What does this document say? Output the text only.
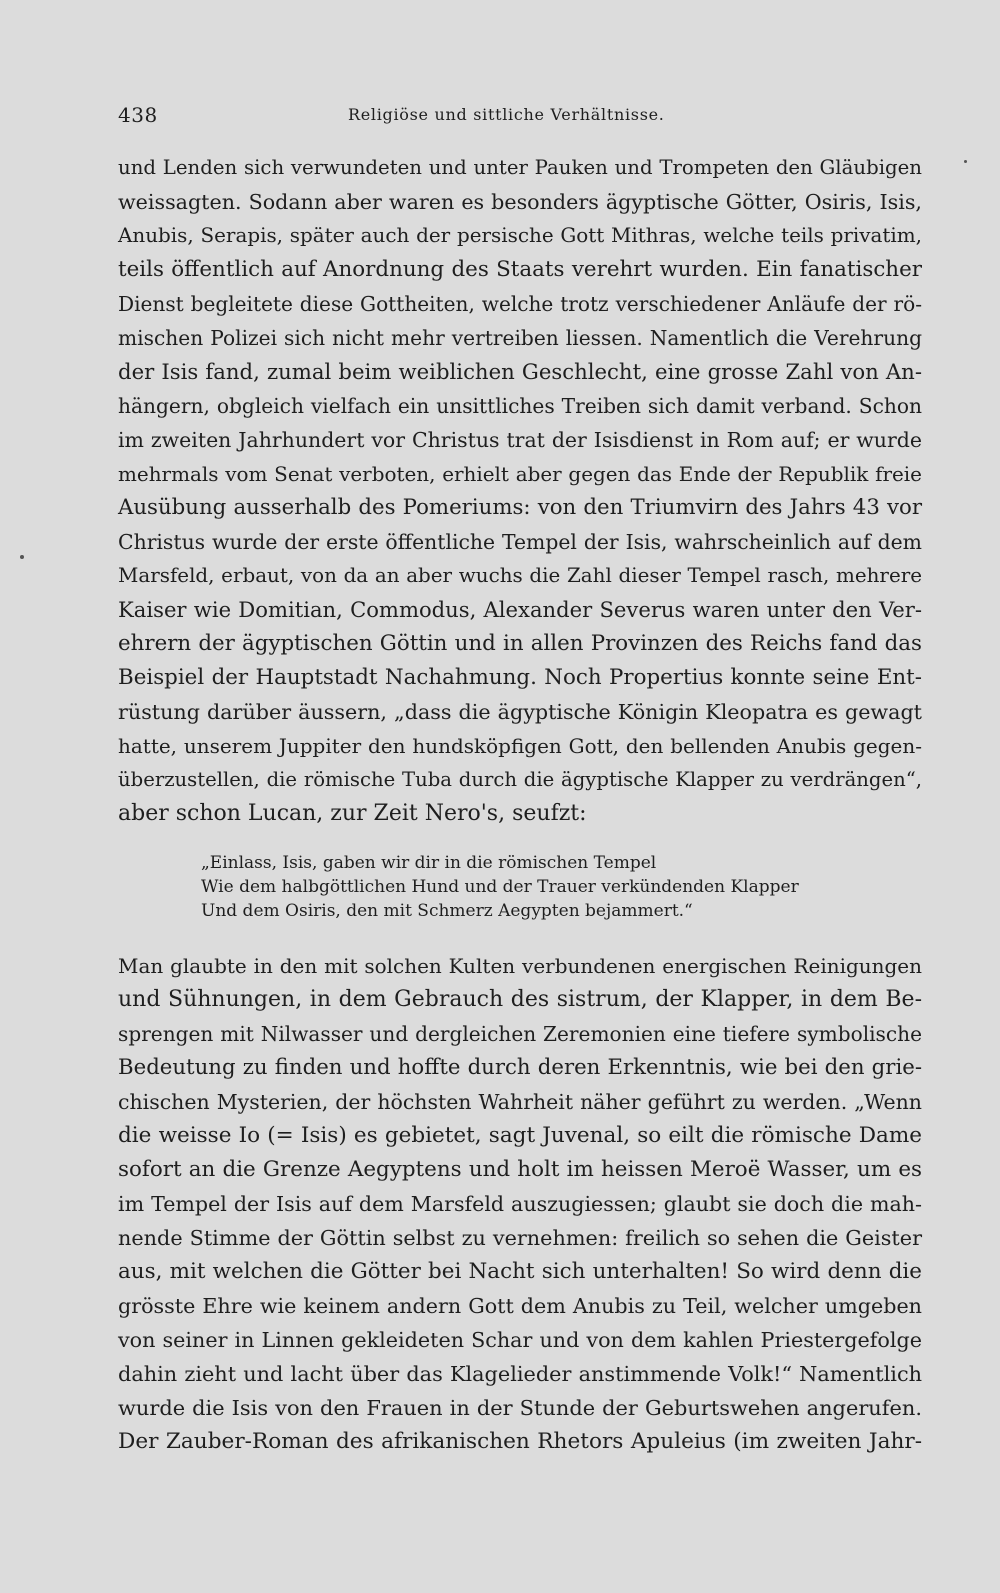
438	Religiöse und sittliche Verhältnisse.
und Lenden sich verwundeten und unter Pauken und Trompeten den Gläubigen
weissagten. Sodann aber waren es besonders ägyptische Götter, Osiris, Isis,
Anubis, Serapis, später auch der persische Gott Mithras, welche teils privatim,
teils öffentlich auf Anordnung des Staats verehrt wurden. Ein fanatischer
Dienst begleitete diese Gottheiten, welche trotz verschiedener Anläufe der rö-
mischen Polizei sich nicht mehr vertreiben liessen. Namentlich die Verehrung
der Isis fand, zumal beim weiblichen Geschlecht, eine grosse Zahl von An-
hängern, obgleich vielfach ein unsittliches Treiben sich damit verband. Schon
im zweiten Jahrhundert vor Christus trat der Isisdienst in Rom auf; er wurde
mehrmals vom Senat verboten, erhielt aber gegen das Ende der Republik freie
Ausübung ausserhalb des Pomeriums: von den Triumvirn des Jahrs 43 vor
Christus wurde der erste öffentliche Tempel der Isis, wahrscheinlich auf dem
Marsfeld, erbaut, von da an aber wuchs die Zahl dieser Tempel rasch, mehrere
Kaiser wie Domitian, Commodus, Alexander Severus waren unter den Ver-
ehrern der ägyptischen Göttin und in allen Provinzen des Reichs fand das
Beispiel der Hauptstadt Nachahmung. Noch Propertius konnte seine Ent-
rüstung darüber äussern, „dass die ägyptische Königin Kleopatra es gewagt
hatte, unserem Juppiter den hundsköpfigen Gott, den bellenden Anubis gegen-
überzustellen, die römische Tuba durch die ägyptische Klapper zu verdrängen“,
aber schon Lucan, zur Zeit Nero's, seufzt:
„Einlass, Isis, gaben wir dir in die römischen Tempel
Wie dem halbgöttlichen Hund und der Trauer verkündenden Klapper
Und dem Osiris, den mit Schmerz Aegypten bejammert.“
Man glaubte in den mit solchen Kulten verbundenen energischen Reinigungen
und Sühnungen, in dem Gebrauch des sistrum, der Klapper, in dem Be-
sprengen mit Nilwasser und dergleichen Zeremonien eine tiefere symbolische
Bedeutung zu finden und hoffte durch deren Erkenntnis, wie bei den grie-
chischen Mysterien, der höchsten Wahrheit näher geführt zu werden. „Wenn
die weisse Io (= Isis) es gebietet, sagt Juvenal, so eilt die römische Dame
sofort an die Grenze Aegyptens und holt im heissen Meroë Wasser, um es
im Tempel der Isis auf dem Marsfeld auszugiessen; glaubt sie doch die mah-
nende Stimme der Göttin selbst zu vernehmen: freilich so sehen die Geister
aus, mit welchen die Götter bei Nacht sich unterhalten! So wird denn die
grösste Ehre wie keinem andern Gott dem Anubis zu Teil, welcher umgeben
von seiner in Linnen gekleideten Schar und von dem kahlen Priestergefolge
dahin zieht und lacht über das Klagelieder anstimmende Volk!“ Namentlich
wurde die Isis von den Frauen in der Stunde der Geburtswehen angerufen.
Der Zauber-Roman des afrikanischen Rhetors Apuleius (im zweiten Jahr-
